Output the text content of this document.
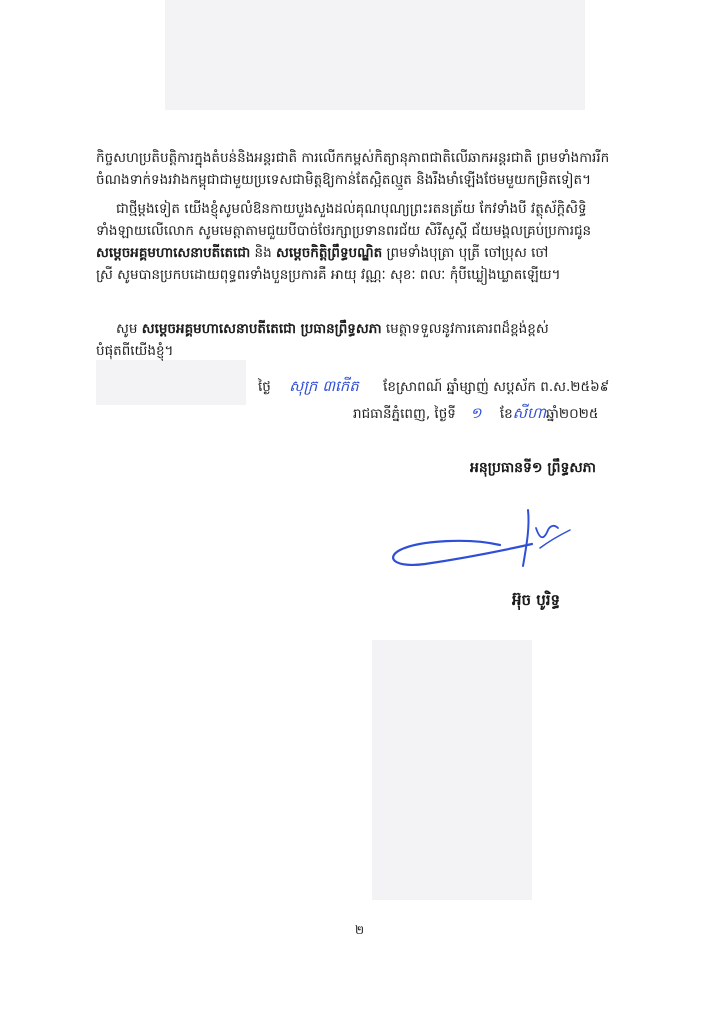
កិច្ចសហប្រតិបត្តិការក្នុងតំបន់និងអន្តរជាតិ ការលើកកម្ពស់កិត្យានុភាពជាតិលើឆាកអន្តរជាតិ ព្រមទាំងការរីក
ចំណងទាក់ទងរវាងកម្ពុជាជាមួយប្រទេសជាមិត្តឱ្យកាន់តែស្អិតល្មួត និងរឹងមាំឡើងថែមមួយកម្រិតទៀត។
ជាថ្មីម្តងទៀត យើងខ្ញុំសូមលំឱនកាយបួងសួងដល់គុណបុណ្យព្រះរតនត្រ័យ កែវទាំងបី វត្ថុស័ក្តិសិទ្ធិ
ទាំងឡាយលើលោក សូមមេត្តាតាមជួយបីបាច់ថែរក្សាប្រទានពរជ័យ សិរីសួស្តី ជ័យមង្គលគ្រប់ប្រការជូន
សម្តេចអគ្គមហាសេនាបតីតេជោ និង សម្តេចកិត្តិព្រឹទ្ធបណ្ឌិត ព្រមទាំងបុត្រា បុត្រី ចៅប្រុស ចៅ
ស្រី សូមបានប្រកបដោយពុទ្ធពរទាំងបួនប្រការគឺ អាយុ វណ្ណៈ សុខៈ ពលៈ កុំបីឃ្លៀងឃ្លាតឡើយ។
សូម សម្តេចអគ្គមហាសេនាបតីតេជោ ប្រធានព្រឹទ្ធសភា មេត្តាទទួលនូវការគោរពដ៏ខ្ពង់ខ្ពស់
បំផុតពីយើងខ្ញុំ។
ថ្ងៃ សុក្រ ៣កើត ខែស្រាពណ៍ ឆ្នាំម្សាញ់ សប្តស័ក ព.ស.២៥៦៩
រាជធានីភ្នំពេញ, ថ្ងៃទី ១ ខែសីហាឆ្នាំ២០២៥
អនុប្រធានទី១ ព្រឹទ្ធសភា
អ៊ុច បូរិទ្ធ
២
